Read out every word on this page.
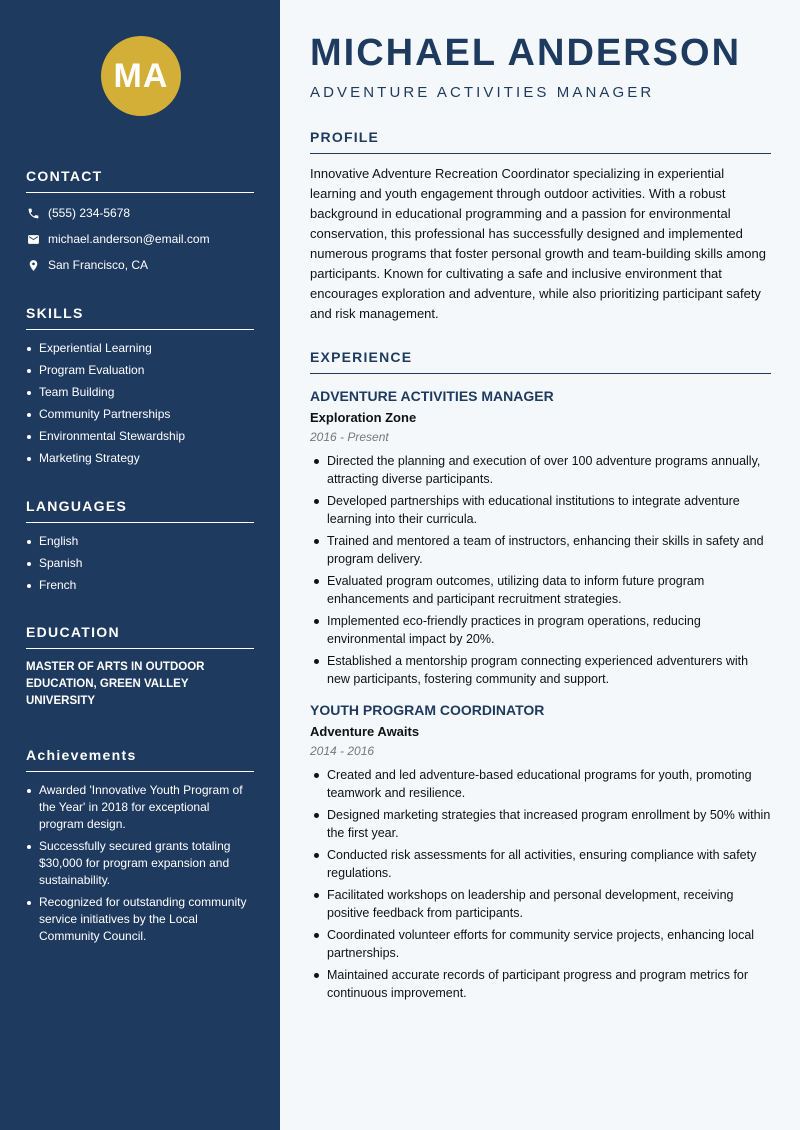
MA
CONTACT
(555) 234-5678
michael.anderson@email.com
San Francisco, CA
SKILLS
Experiential Learning
Program Evaluation
Team Building
Community Partnerships
Environmental Stewardship
Marketing Strategy
LANGUAGES
English
Spanish
French
EDUCATION
MASTER OF ARTS IN OUTDOOR EDUCATION, GREEN VALLEY UNIVERSITY
Achievements
Awarded 'Innovative Youth Program of the Year' in 2018 for exceptional program design.
Successfully secured grants totaling $30,000 for program expansion and sustainability.
Recognized for outstanding community service initiatives by the Local Community Council.
MICHAEL ANDERSON
ADVENTURE ACTIVITIES MANAGER
PROFILE
Innovative Adventure Recreation Coordinator specializing in experiential learning and youth engagement through outdoor activities. With a robust background in educational programming and a passion for environmental conservation, this professional has successfully designed and implemented numerous programs that foster personal growth and team-building skills among participants. Known for cultivating a safe and inclusive environment that encourages exploration and adventure, while also prioritizing participant safety and risk management.
EXPERIENCE
ADVENTURE ACTIVITIES MANAGER
Exploration Zone
2016 - Present
Directed the planning and execution of over 100 adventure programs annually, attracting diverse participants.
Developed partnerships with educational institutions to integrate adventure learning into their curricula.
Trained and mentored a team of instructors, enhancing their skills in safety and program delivery.
Evaluated program outcomes, utilizing data to inform future program enhancements and participant recruitment strategies.
Implemented eco-friendly practices in program operations, reducing environmental impact by 20%.
Established a mentorship program connecting experienced adventurers with new participants, fostering community and support.
YOUTH PROGRAM COORDINATOR
Adventure Awaits
2014 - 2016
Created and led adventure-based educational programs for youth, promoting teamwork and resilience.
Designed marketing strategies that increased program enrollment by 50% within the first year.
Conducted risk assessments for all activities, ensuring compliance with safety regulations.
Facilitated workshops on leadership and personal development, receiving positive feedback from participants.
Coordinated volunteer efforts for community service projects, enhancing local partnerships.
Maintained accurate records of participant progress and program metrics for continuous improvement.
